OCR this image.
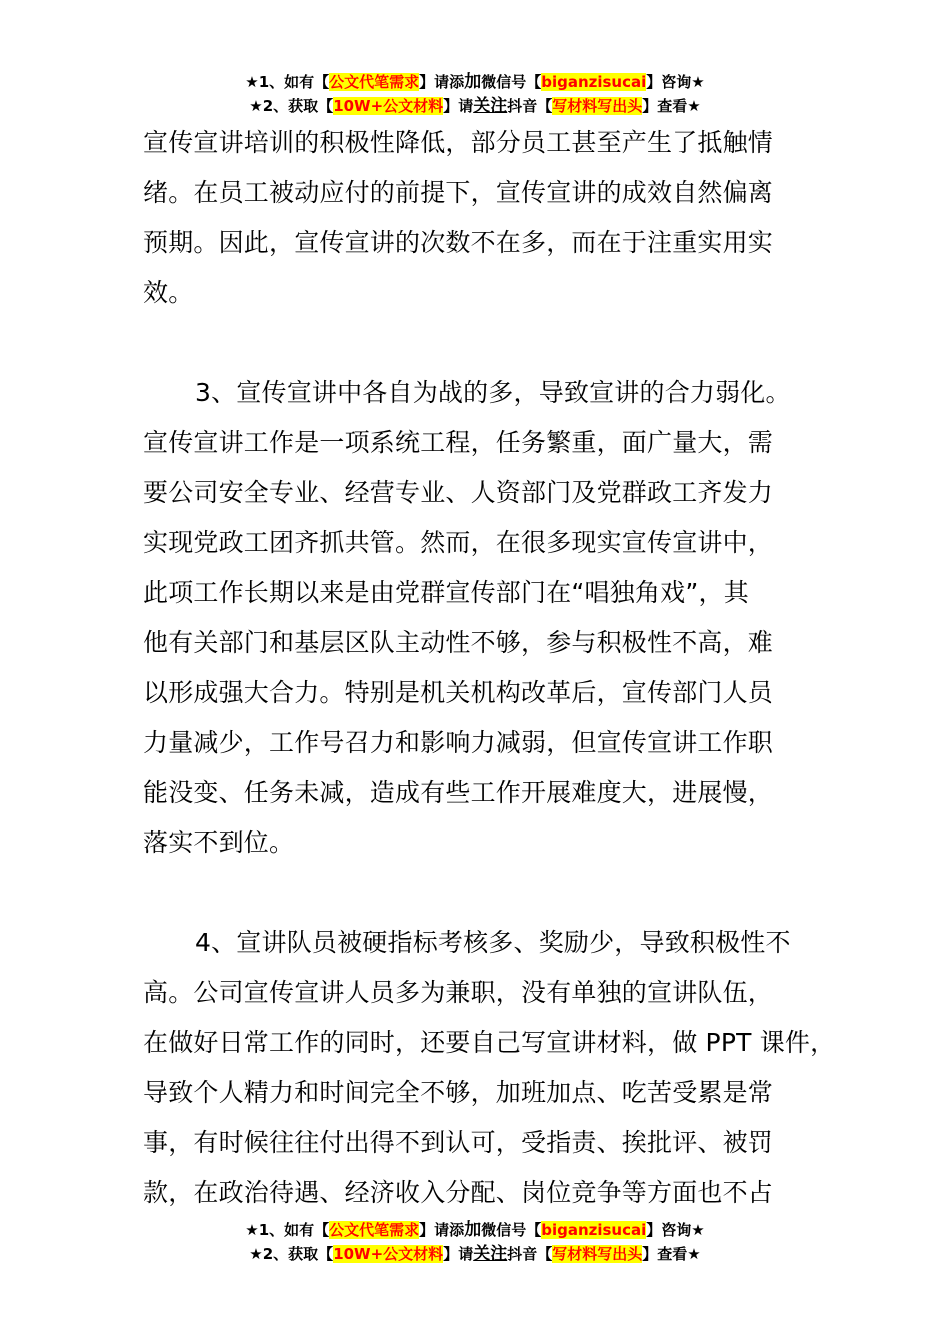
★1、如有【公文代笔需求】请添加微信号【biganzisucai】咨询★
★2、获取【10W+公文材料】请关注抖音【写材料写出头】查看★
宣传宣讲培训的积极性降低，部分员工甚至产生了抵触情
绪。在员工被动应付的前提下，宣传宣讲的成效自然偏离
预期。因此，宣传宣讲的次数不在多，而在于注重实用实
效。
3、宣传宣讲中各自为战的多，导致宣讲的合力弱化。
宣传宣讲工作是一项系统工程，任务繁重，面广量大，需
要公司安全专业、经营专业、人资部门及党群政工齐发力
实现党政工团齐抓共管。然而，在很多现实宣传宣讲中，
此项工作长期以来是由党群宣传部门在“唱独角戏”，其
他有关部门和基层区队主动性不够，参与积极性不高，难
以形成强大合力。特别是机关机构改革后，宣传部门人员
力量减少，工作号召力和影响力减弱，但宣传宣讲工作职
能没变、任务未减，造成有些工作开展难度大，进展慢，
落实不到位。
4、宣讲队员被硬指标考核多、奖励少，导致积极性不
高。公司宣传宣讲人员多为兼职，没有单独的宣讲队伍，
在做好日常工作的同时，还要自己写宣讲材料，做 PPT 课件，
导致个人精力和时间完全不够，加班加点、吃苦受累是常
事，有时候往往付出得不到认可，受指责、挨批评、被罚
款，在政治待遇、经济收入分配、岗位竞争等方面也不占
★1、如有【公文代笔需求】请添加微信号【biganzisucai】咨询★
★2、获取【10W+公文材料】请关注抖音【写材料写出头】查看★
